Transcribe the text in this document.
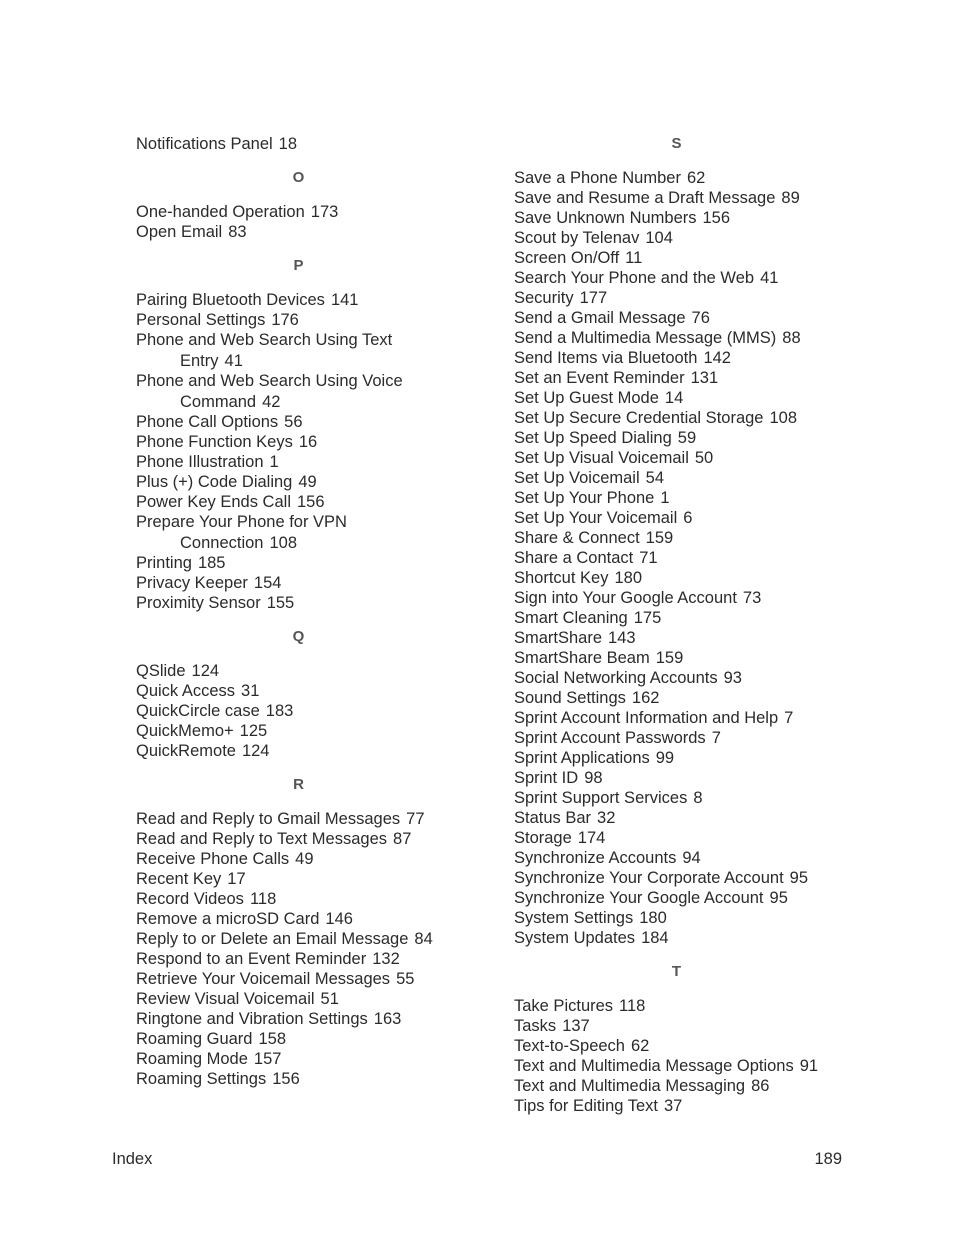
Notifications Panel 18
O
One-handed Operation 173
Open Email 83
P
Pairing Bluetooth Devices 141
Personal Settings 176
Phone and Web Search Using Text
Entry 41
Phone and Web Search Using Voice
Command 42
Phone Call Options 56
Phone Function Keys 16
Phone Illustration 1
Plus (+) Code Dialing 49
Power Key Ends Call 156
Prepare Your Phone for VPN
Connection 108
Printing 185
Privacy Keeper 154
Proximity Sensor 155
Q
QSlide 124
Quick Access 31
QuickCircle case 183
QuickMemo+ 125
QuickRemote 124
R
Read and Reply to Gmail Messages 77
Read and Reply to Text Messages 87
Receive Phone Calls 49
Recent Key 17
Record Videos 118
Remove a microSD Card 146
Reply to or Delete an Email Message 84
Respond to an Event Reminder 132
Retrieve Your Voicemail Messages 55
Review Visual Voicemail 51
Ringtone and Vibration Settings 163
Roaming Guard 158
Roaming Mode 157
Roaming Settings 156
S
Save a Phone Number 62
Save and Resume a Draft Message 89
Save Unknown Numbers 156
Scout by Telenav 104
Screen On/Off 11
Search Your Phone and the Web 41
Security 177
Send a Gmail Message 76
Send a Multimedia Message (MMS) 88
Send Items via Bluetooth 142
Set an Event Reminder 131
Set Up Guest Mode 14
Set Up Secure Credential Storage 108
Set Up Speed Dialing 59
Set Up Visual Voicemail 50
Set Up Voicemail 54
Set Up Your Phone 1
Set Up Your Voicemail 6
Share & Connect 159
Share a Contact 71
Shortcut Key 180
Sign into Your Google Account 73
Smart Cleaning 175
SmartShare 143
SmartShare Beam 159
Social Networking Accounts 93
Sound Settings 162
Sprint Account Information and Help 7
Sprint Account Passwords 7
Sprint Applications 99
Sprint ID 98
Sprint Support Services 8
Status Bar 32
Storage 174
Synchronize Accounts 94
Synchronize Your Corporate Account 95
Synchronize Your Google Account 95
System Settings 180
System Updates 184
T
Take Pictures 118
Tasks 137
Text-to-Speech 62
Text and Multimedia Message Options 91
Text and Multimedia Messaging 86
Tips for Editing Text 37
Index	189
